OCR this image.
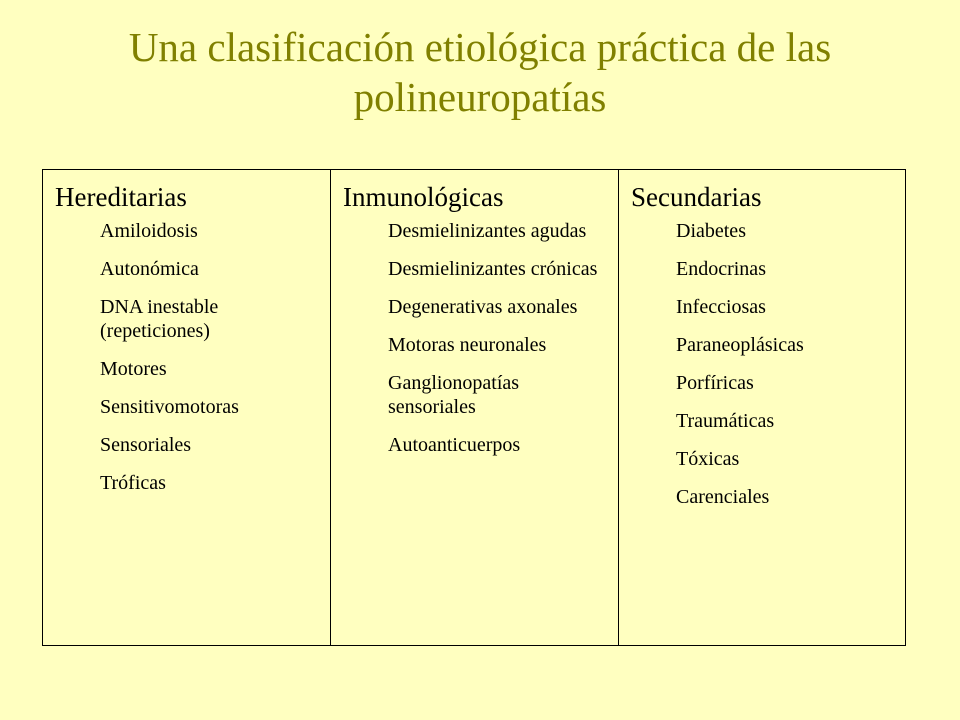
Una clasificación etiológica práctica de las polineuropatías
Hereditarias
Amiloidosis
Autonómica
DNA inestable (repeticiones)
Motores
Sensitivomotoras
Sensoriales
Tróficas
Inmunológicas
Desmielinizantes agudas
Desmielinizantes crónicas
Degenerativas axonales
Motoras neuronales
Ganglionopatías sensoriales
Autoanticuerpos
Secundarias
Diabetes
Endocrinas
Infecciosas
Paraneoplásicas
Porfíricas
Traumáticas
Tóxicas
Carenciales
